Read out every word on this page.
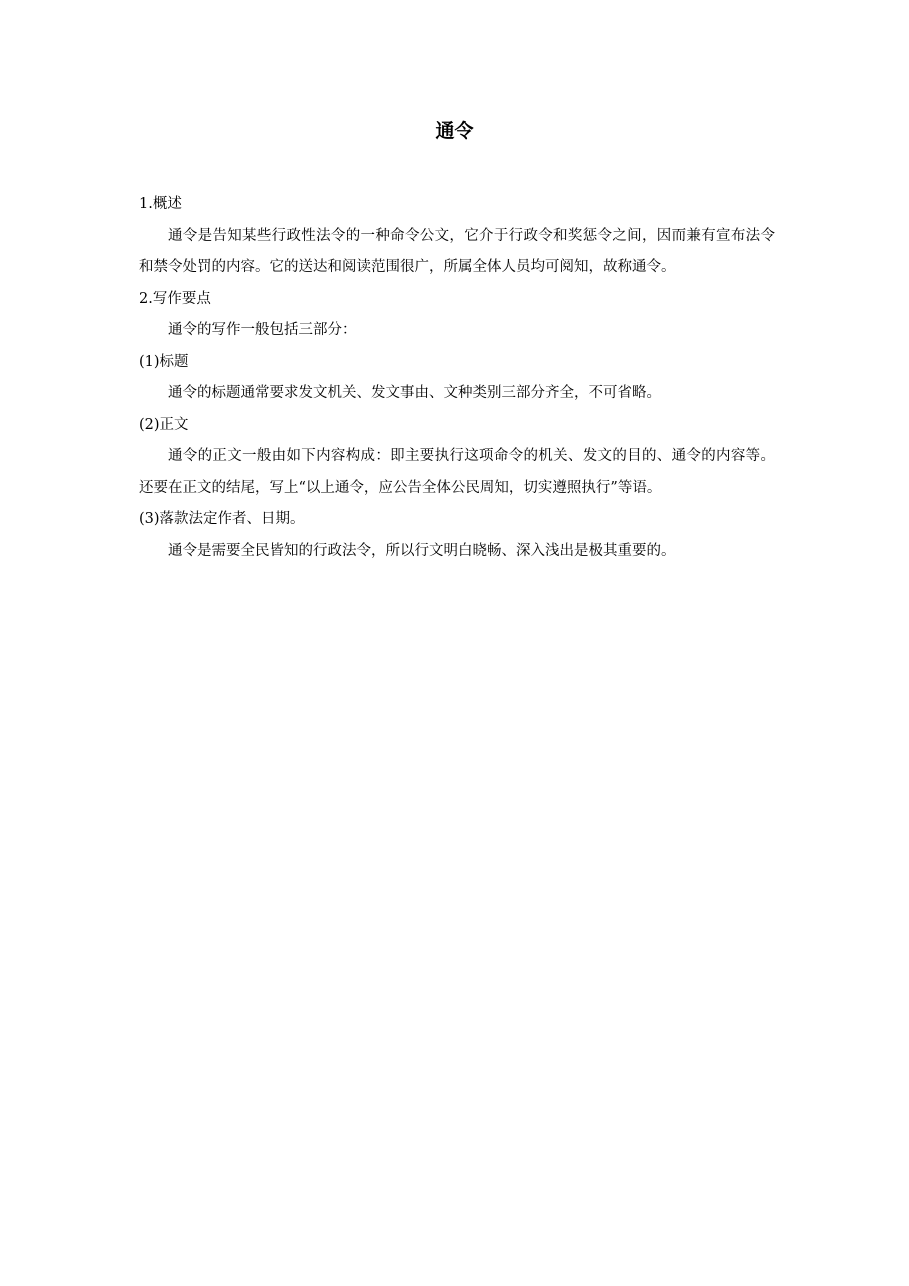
通令

1.概述

通令是告知某些行政性法令的一种命令公文，它介于行政令和奖惩令之间，因而兼有宣布法令和禁令处罚的内容。它的送达和阅读范围很广，所属全体人员均可阅知，故称通令。

2.写作要点

通令的写作一般包括三部分：

(1)标题

通令的标题通常要求发文机关、发文事由、文种类别三部分齐全，不可省略。

(2)正文

通令的正文一般由如下内容构成：即主要执行这项命令的机关、发文的目的、通令的内容等。还要在正文的结尾，写上“以上通令，应公告全体公民周知，切实遵照执行”等语。

(3)落款法定作者、日期。

通令是需要全民皆知的行政法令，所以行文明白晓畅、深入浅出是极其重要的。
